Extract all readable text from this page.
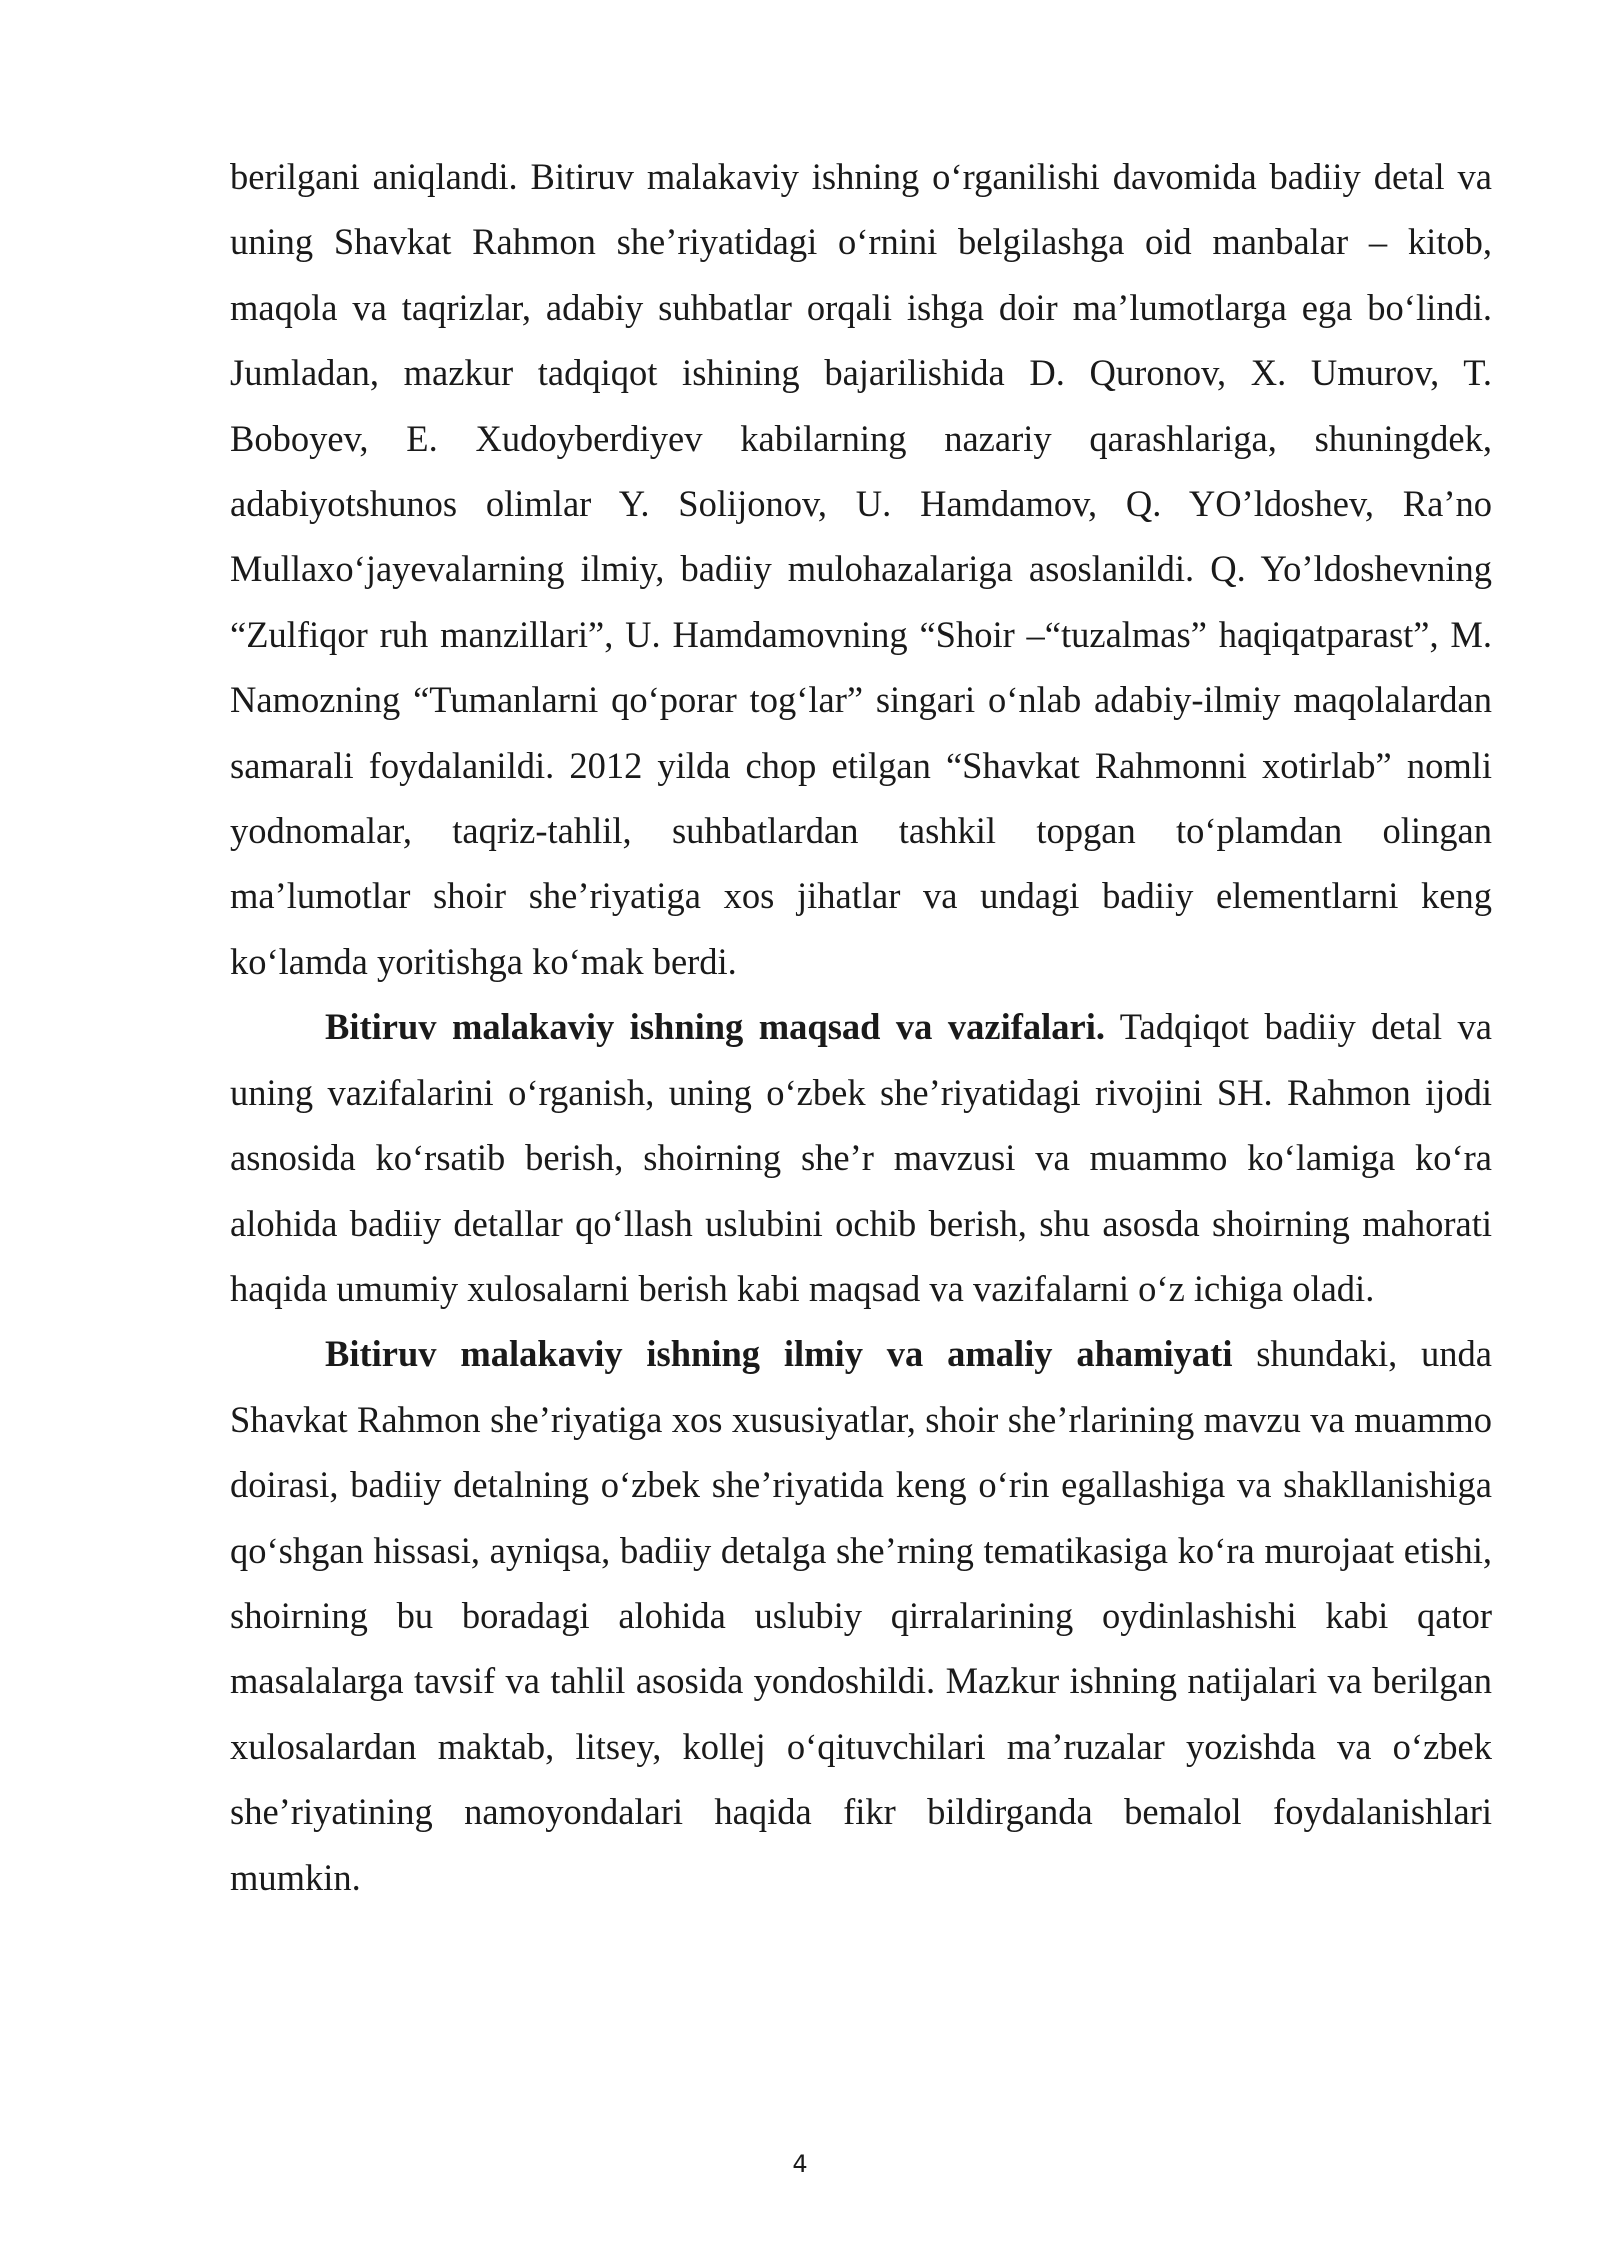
berilgani aniqlandi. Bitiruv malakaviy ishning o‘rganilishi davomida badiiy detal va uning Shavkat Rahmon she’riyatidagi o‘rnini belgilashga oid manbalar – kitob, maqola va taqrizlar, adabiy suhbatlar orqali ishga doir ma’lumotlarga ega bo‘lindi. Jumladan, mazkur tadqiqot ishining bajarilishida D. Quronov, X. Umurov, T. Boboyev, E. Xudoyberdiyev kabilarning nazariy qarashlariga, shuningdek, adabiyotshunos olimlar Y. Solijonov, U. Hamdamov, Q. YO’ldoshev, Ra’no Mullaxo‘jayevalarning ilmiy, badiiy mulohazalariga asoslanildi. Q. Yo’ldoshevning “Zulfiqor ruh manzillari”, U. Hamdamovning “Shoir –“tuzalmas” haqiqatparast”, M. Namozning “Tumanlarni qo‘porar tog‘lar” singari o‘nlab adabiy-ilmiy maqolalardan samarali foydalanildi. 2012 yilda chop etilgan “Shavkat Rahmonni xotirlab” nomli yodnomalar, taqriz-tahlil, suhbatlardan tashkil topgan to‘plamdan olingan ma’lumotlar shoir she’riyatiga xos jihatlar va undagi badiiy elementlarni keng ko‘lamda yoritishga ko‘mak berdi.

Bitiruv malakaviy ishning maqsad va vazifalari. Tadqiqot badiiy detal va uning vazifalarini o‘rganish, uning o‘zbek she’riyatidagi rivojini SH. Rahmon ijodi asnosida ko‘rsatib berish, shoirning she’r mavzusi va muammo ko‘lamiga ko‘ra alohida badiiy detallar qo‘llash uslubini ochib berish, shu asosda shoirning mahorati haqida umumiy xulosalarni berish kabi maqsad va vazifalarni o‘z ichiga oladi.

Bitiruv malakaviy ishning ilmiy va amaliy ahamiyati shundaki, unda Shavkat Rahmon she’riyatiga xos xususiyatlar, shoir she’rlarining mavzu va muammo doirasi, badiiy detalning o‘zbek she’riyatida keng o‘rin egallashiga va shakllanishiga qo‘shgan hissasi, ayniqsa, badiiy detalga she’rning tematikasiga ko‘ra murojaat etishi, shoirning bu boradagi alohida uslubiy qirralarining oydinlashishi kabi qator masalalarga tavsif va tahlil asosida yondoshildi. Mazkur ishning natijalari va berilgan xulosalardan maktab, litsey, kollej o‘qituvchilari ma’ruzalar yozishda va o‘zbek she’riyatining namoyondalari haqida fikr bildirganda bemalol foydalanishlari mumkin.

4
